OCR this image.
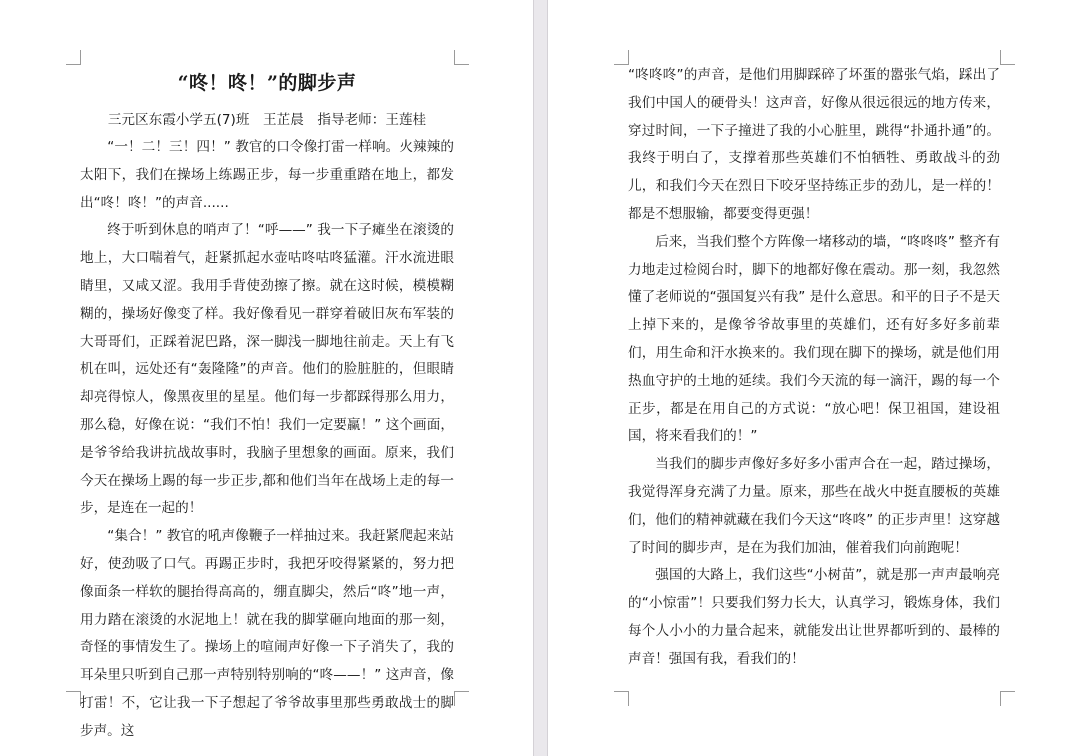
“咚！咚！”的脚步声
三元区东霞小学五(7)班　王芷晨　指导老师：王莲桂

“一！二！三！四！” 教官的口令像打雷一样响。火辣辣的太阳下，我们在操场上练踢正步，每一步重重踏在地上，都发出“咚！咚！”的声音......

终于听到休息的哨声了！“呼——” 我一下子瘫坐在滚烫的地上，大口喘着气，赶紧抓起水壶咕咚咕咚猛灌。汗水流进眼睛里，又咸又涩。我用手背使劲擦了擦。就在这时候，模模糊糊的，操场好像变了样。我好像看见一群穿着破旧灰布军装的大哥哥们，正踩着泥巴路，深一脚浅一脚地往前走。天上有飞机在叫，远处还有“轰隆隆”的声音。他们的脸脏脏的，但眼睛却亮得惊人，像黑夜里的星星。他们每一步都踩得那么用力，那么稳，好像在说：“我们不怕！我们一定要赢！” 这个画面，是爷爷给我讲抗战故事时，我脑子里想象的画面。原来，我们今天在操场上踢的每一步正步,都和他们当年在战场上走的每一步，是连在一起的！

“集合！” 教官的吼声像鞭子一样抽过来。我赶紧爬起来站好，使劲吸了口气。再踢正步时，我把牙咬得紧紧的，努力把像面条一样软的腿抬得高高的，绷直脚尖，然后“咚”地一声，用力踏在滚烫的水泥地上！就在我的脚掌砸向地面的那一刻，奇怪的事情发生了。操场上的喧闹声好像一下子消失了，我的耳朵里只听到自己那一声特别特别响的“咚——！” 这声音，像打雷！不，它让我一下子想起了爷爷故事里那些勇敢战士的脚步声。这

“咚咚咚”的声音，是他们用脚踩碎了坏蛋的嚣张气焰，踩出了我们中国人的硬骨头！这声音，好像从很远很远的地方传来，穿过时间，一下子撞进了我的小心脏里，跳得“扑通扑通”的。我终于明白了，支撑着那些英雄们不怕牺牲、勇敢战斗的劲儿，和我们今天在烈日下咬牙坚持练正步的劲儿，是一样的！都是不想服输，都要变得更强！

后来，当我们整个方阵像一堵移动的墙，“咚咚咚” 整齐有力地走过检阅台时，脚下的地都好像在震动。那一刻，我忽然懂了老师说的“强国复兴有我” 是什么意思。和平的日子不是天上掉下来的，是像爷爷故事里的英雄们，还有好多好多前辈们，用生命和汗水换来的。我们现在脚下的操场，就是他们用热血守护的土地的延续。我们今天流的每一滴汗，踢的每一个正步，都是在用自己的方式说：“放心吧！保卫祖国，建设祖国，将来看我们的！”

当我们的脚步声像好多好多小雷声合在一起，踏过操场，我觉得浑身充满了力量。原来，那些在战火中挺直腰板的英雄们，他们的精神就藏在我们今天这“咚咚” 的正步声里！这穿越了时间的脚步声，是在为我们加油，催着我们向前跑呢！

强国的大路上，我们这些“小树苗”，就是那一声声最响亮的“小惊雷”！只要我们努力长大，认真学习，锻炼身体，我们每个人小小的力量合起来，就能发出让世界都听到的、最棒的声音！强国有我，看我们的！
